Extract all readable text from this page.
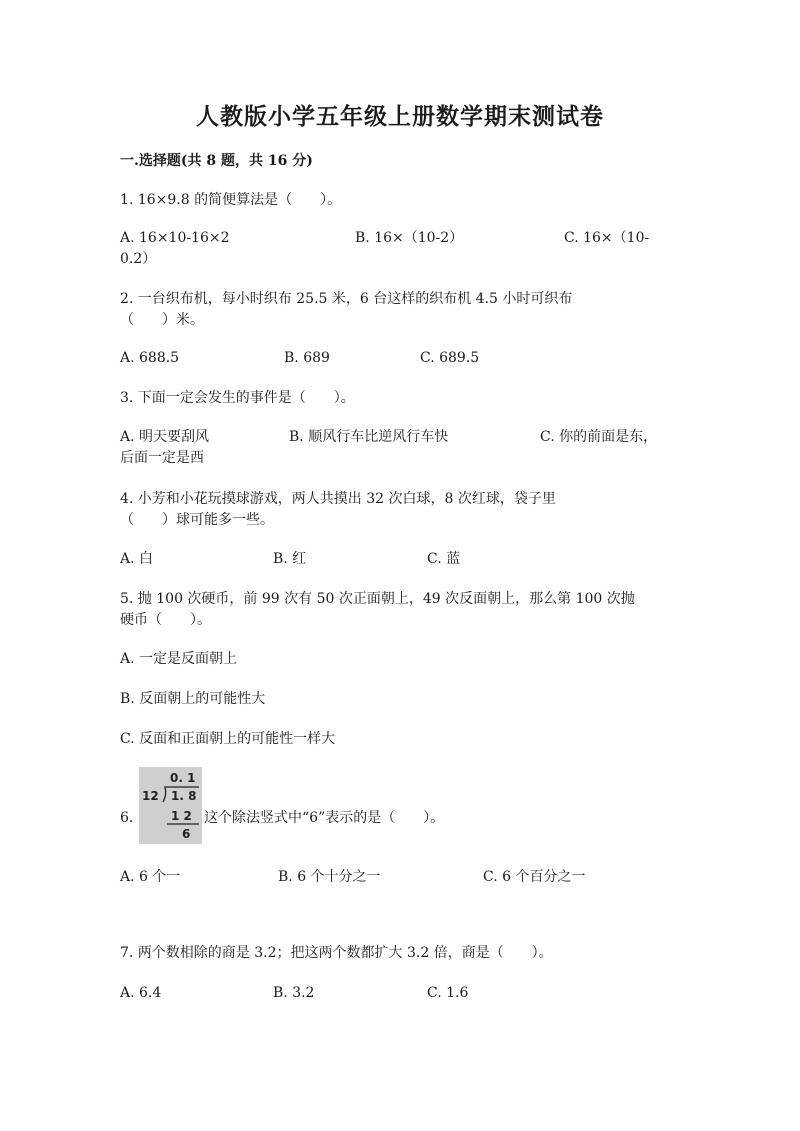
人教版小学五年级上册数学期末测试卷
一.选择题(共 8 题，共 16 分)
1. 16×9.8 的简便算法是（　　）。
A. 16×10-16×2	B. 16×（10-2）	C. 16×（10-
0.2）
2. 一台织布机，每小时织布 25.5 米，6 台这样的织布机 4.5 小时可织布
（　　）米。
A. 688.5	B. 689	C. 689.5
3. 下面一定会发生的事件是（　　）。
A. 明天要刮风	B. 顺风行车比逆风行车快	C. 你的前面是东，
后面一定是西
4. 小芳和小花玩摸球游戏，两人共摸出 32 次白球，8 次红球，袋子里
（　　）球可能多一些。
A. 白	B. 红	C. 蓝
5. 抛 100 次硬币，前 99 次有 50 次正面朝上，49 次反面朝上，那么第 100 次抛
硬币（　　）。
A. 一定是反面朝上
B. 反面朝上的可能性大
C. 反面和正面朝上的可能性一样大
6.
0. 1
12 1. 8
1 2
6
这个除法竖式中“6”表示的是（　　）。
A. 6 个一	B. 6 个十分之一	C. 6 个百分之一
7. 两个数相除的商是 3.2；把这两个数都扩大 3.2 倍，商是（　　）。
A. 6.4	B. 3.2	C. 1.6
